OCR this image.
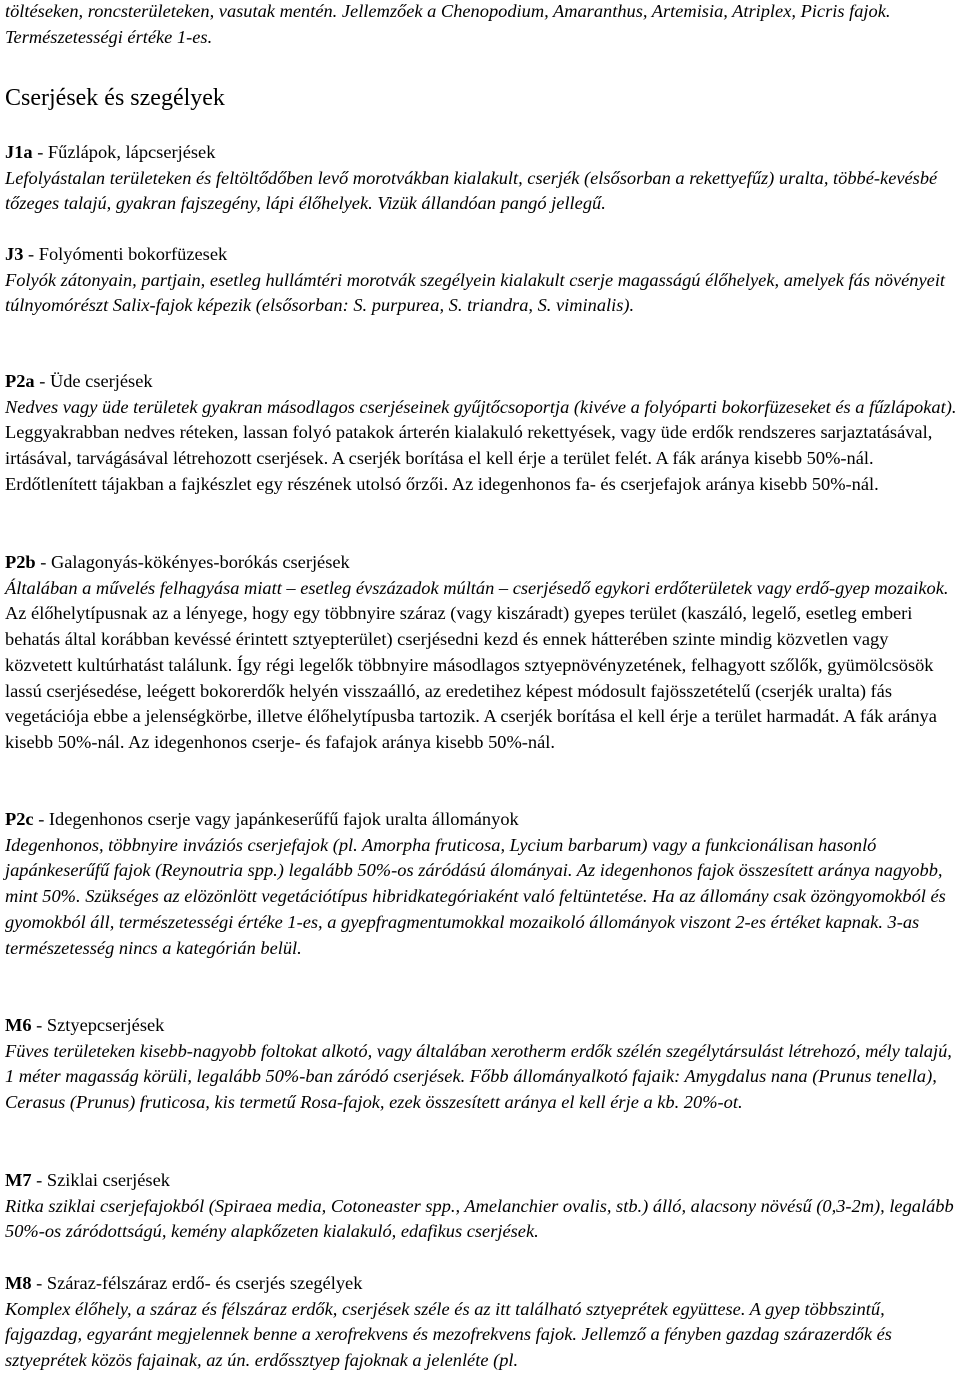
töltéseken, roncsterületeken, vasutak mentén. Jellemzőek a Chenopodium, Amaranthus, Artemisia, Atriplex, Picris fajok. Természetességi értéke 1-es.

Cserjések és szegélyek

J1a - Fűzlápok, lápcserjések

Lefolyástalan területeken és feltöltődőben levő morotvákban kialakult, cserjék (elsősorban a rekettyefűz) uralta, többé-kevésbé tőzeges talajú, gyakran fajszegény, lápi élőhelyek. Vizük állandóan pangó jellegű.

J3 - Folyómenti bokorfüzesek

Folyók zátonyain, partjain, esetleg hullámtéri morotvák szegélyein kialakult cserje magasságú élőhelyek, amelyek fás növényeit túlnyomórészt Salix-fajok képezik (elsősorban: S. purpurea, S. triandra, S. viminalis).

P2a - Üde cserjések

Nedves vagy üde területek gyakran másodlagos cserjéseinek gyűjtőcsoportja (kivéve a folyóparti bokorfüzeseket és a fűzlápokat). Leggyakrabban nedves réteken, lassan folyó patakok árterén kialakuló rekettyések, vagy üde erdők rendszeres sarjaztatásával, irtásával, tarvágásával létrehozott cserjések. A cserjék borítása el kell érje a terület felét. A fák aránya kisebb 50%-nál. Erdőtlenített tájakban a fajkészlet egy részének utolsó őrzői. Az idegenhonos fa- és cserjefajok aránya kisebb 50%-nál.

P2b - Galagonyás-kökényes-borókás cserjések

Általában a művelés felhagyása miatt – esetleg évszázadok múltán – cserjésedő egykori erdőterületek vagy erdő-gyep mozaikok. Az élőhelytípusnak az a lényege, hogy egy többnyire száraz (vagy kiszáradt) gyepes terület (kaszáló, legelő, esetleg emberi behatás által korábban kevéssé érintett sztyepterület) cserjésedni kezd és ennek hátterében szinte mindig közvetlen vagy közvetett kultúrhatást találunk. Így régi legelők többnyire másodlagos sztyepnövényzetének, felhagyott szőlők, gyümölcsösök lassú cserjésedése, leégett bokorerdők helyén visszaálló, az eredetihez képest módosult fajösszetételű (cserjék uralta) fás vegetációja ebbe a jelenségkörbe, illetve élőhelytípusba tartozik. A cserjék borítása el kell érje a terület harmadát. A fák aránya kisebb 50%-nál. Az idegenhonos cserje- és fafajok aránya kisebb 50%-nál.

P2c - Idegenhonos cserje vagy japánkeserűfű fajok uralta állományok

Idegenhonos, többnyire inváziós cserjefajok (pl. Amorpha fruticosa, Lycium barbarum) vagy a funkcionálisan hasonló japánkeserűfű fajok (Reynoutria spp.) legalább 50%-os záródású álományai. Az idegenhonos fajok összesített aránya nagyobb, mint 50%. Szükséges az elözönlött vegetációtípus hibridkategóriaként való feltüntetése. Ha az állomány csak özöngyomokból és gyomokból áll, természetességi értéke 1-es, a gyepfragmentumokkal mozaikoló állományok viszont 2-es értéket kapnak. 3-as természetesség nincs a kategórián belül.

M6 - Sztyepcserjések

Füves területeken kisebb-nagyobb foltokat alkotó, vagy általában xerotherm erdők szélén szegélytársulást létrehozó, mély talajú, 1 méter magasság körüli, legalább 50%-ban záródó cserjések. Főbb állományalkotó fajaik: Amygdalus nana (Prunus tenella), Cerasus (Prunus) fruticosa, kis termetű Rosa-fajok, ezek összesített aránya el kell érje a kb. 20%-ot.

M7 - Sziklai cserjések

Ritka sziklai cserjefajokból (Spiraea media, Cotoneaster spp., Amelanchier ovalis, stb.) álló, alacsony növésű (0,3-2m), legalább 50%-os záródottságú, kemény alapkőzeten kialakuló, edafikus cserjések.

M8 - Száraz-félszáraz erdő- és cserjés szegélyek

Komplex élőhely, a száraz és félszáraz erdők, cserjések széle és az itt található sztyeprétek együttese. A gyep többszintű, fajgazdag, egyaránt megjelennek benne a xerofrekvens és mezofrekvens fajok. Jellemző a fényben gazdag szárazerdők és sztyeprétek közös fajainak, az ún. erdőssztyep fajoknak a jelenléte (pl.
